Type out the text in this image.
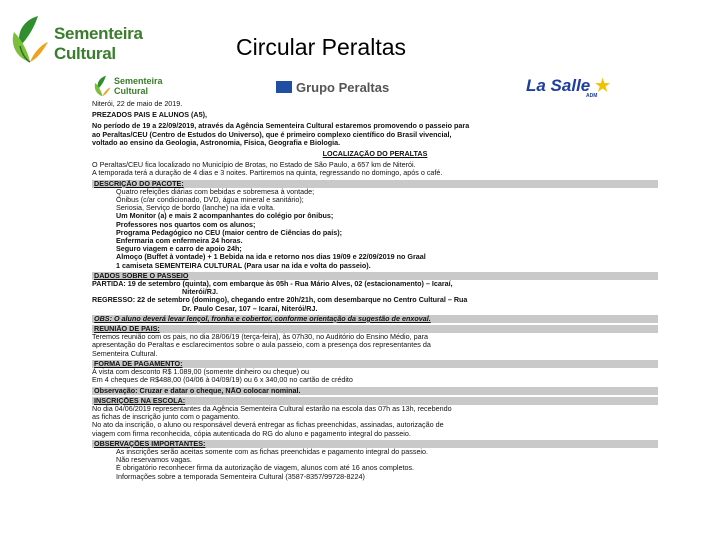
Sementeira
Cultural	Circular Peraltas
Sementeira
Cultural	Grupo Peraltas	La Salle ★
ADM

Niterói, 22 de maio de 2019.

PREZADOS PAIS E ALUNOS (A5),

No período de 19 a 22/09/2019, através da Agência Sementeira Cultural estaremos promovendo o passeio para

ao Peraltas/CEU (Centro de Estudos do Universo), que é primeiro complexo científico do Brasil vivencial,

voltado ao ensino da Geologia, Astronomia, Física, Geografia e Biologia.

LOCALIZAÇÃO DO PERALTAS

O Peraltas/CEU fica localizado no Município de Brotas, no Estado de São Paulo, a 657 km de Niterói.

A temporada terá a duração de 4 dias e 3 noites. Partiremos na quinta, regressando no domingo, após o café.

DESCRIÇÃO DO PACOTE:

• Quatro refeições diárias com bebidas e sobremesa à vontade;
• Ônibus (c/ar condicionado, DVD, água mineral e sanitário);
• Seriosia, Serviço de bordo (lanche) na ida e volta.
• Um Monitor (a) e mais 2 acompanhantes do colégio por ônibus;
• Professores nos quartos com os alunos;
• Programa Pedagógico no CEU (maior centro de Ciências do país);
• Enfermaria com enfermeira 24 horas.
• Seguro viagem e carro de apoio 24h;
• Almoço (Buffet à vontade) + 1 Bebida na ida e retorno nos dias 19/09 e 22/09/2019 no Graal
• 1 camiseta SEMENTEIRA CULTURAL (Para usar na ida e volta do passeio).

DADOS SOBRE O PASSEIO

PARTIDA: 19 de setembro (quinta), com embarque às 05h - Rua Mário Alves, 02 (estacionamento) – Icaraí,

Niterói/RJ.

REGRESSO: 22 de setembro (domingo), chegando entre 20h/21h, com desembarque no Centro Cultural – Rua

Dr. Paulo Cesar, 107 – Icaraí, Niterói/RJ.

OBS: O aluno deverá levar lençol, fronha e cobertor, conforme orientação da sugestão de enxoval.

REUNIÃO DE PAIS:

Teremos reunião com os pais, no dia 28/06/19 (terça-feira), às 07h30, no Auditório do Ensino Médio, para

apresentação do Peraltas e esclarecimentos sobre o aula passeio, com a presença dos representantes da

Sementeira Cultural.

FORMA DE PAGAMENTO:

À vista com desconto R$ 1.089,00 (somente dinheiro ou cheque) ou

Em 4 cheques de R$488,00 (04/06 à 04/09/19) ou 6 x 340,00 no cartão de crédito

Observação: Cruzar e datar o cheque, NÃO colocar nominal.

INSCRIÇÕES NA ESCOLA:

No dia 04/06/2019 representantes da Agência Sementeira Cultural estarão na escola das 07h as 13h, recebendo

as fichas de inscrição junto com o pagamento.

No ato da inscrição, o aluno ou responsável deverá entregar as fichas preenchidas, assinadas, autorização de

viagem com firma reconhecida, cópia autenticada do RG do aluno e pagamento integral do passeio.

OBSERVAÇÕES IMPORTANTES:

• As inscrições serão aceitas somente com as fichas preenchidas e pagamento integral do passeio.
• Não reservamos vagas.
• É obrigatório reconhecer firma da autorização de viagem, alunos com até 16 anos completos.
• Informações sobre a temporada Sementeira Cultural (3587-8357/99728-8224)
